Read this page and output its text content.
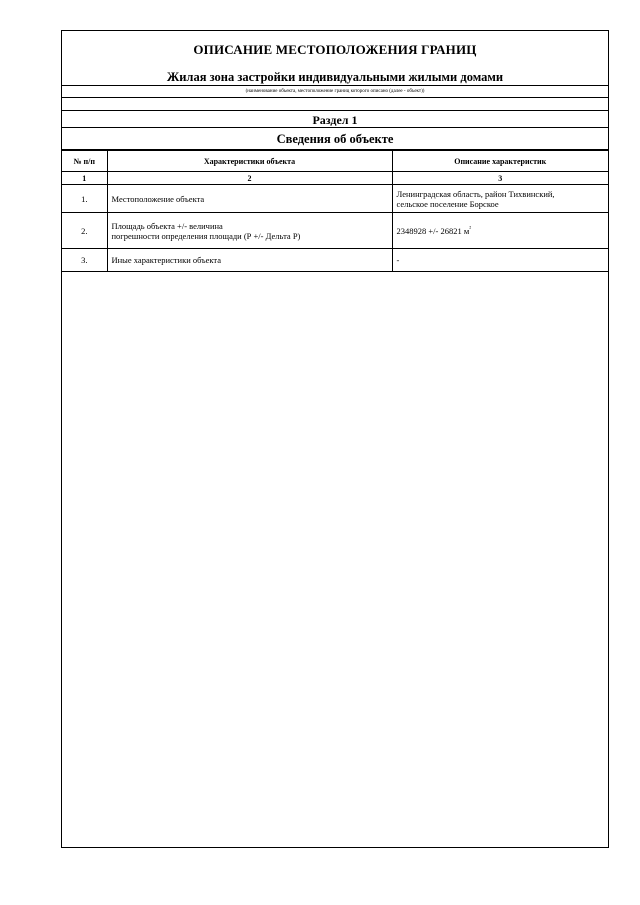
ОПИСАНИЕ МЕСТОПОЛОЖЕНИЯ ГРАНИЦ
Жилая зона застройки индивидуальными жилыми домами
(наименование объекта, местоположение границ которого описано (далее - объект))
Раздел 1
Сведения об объекте
№ п/п	Характеристики объекта	Описание характеристик
1	2	3
1.	Местоположение объекта	Ленинградская область, район Тихвинский,
сельское поселение Борское

2.	Площадь объекта +/- величина
погрешности определения площади (Р +/- Дельта Р)	2348928 +/- 26821 $м^{^2}$
3.	Иные характеристики объекта	-
